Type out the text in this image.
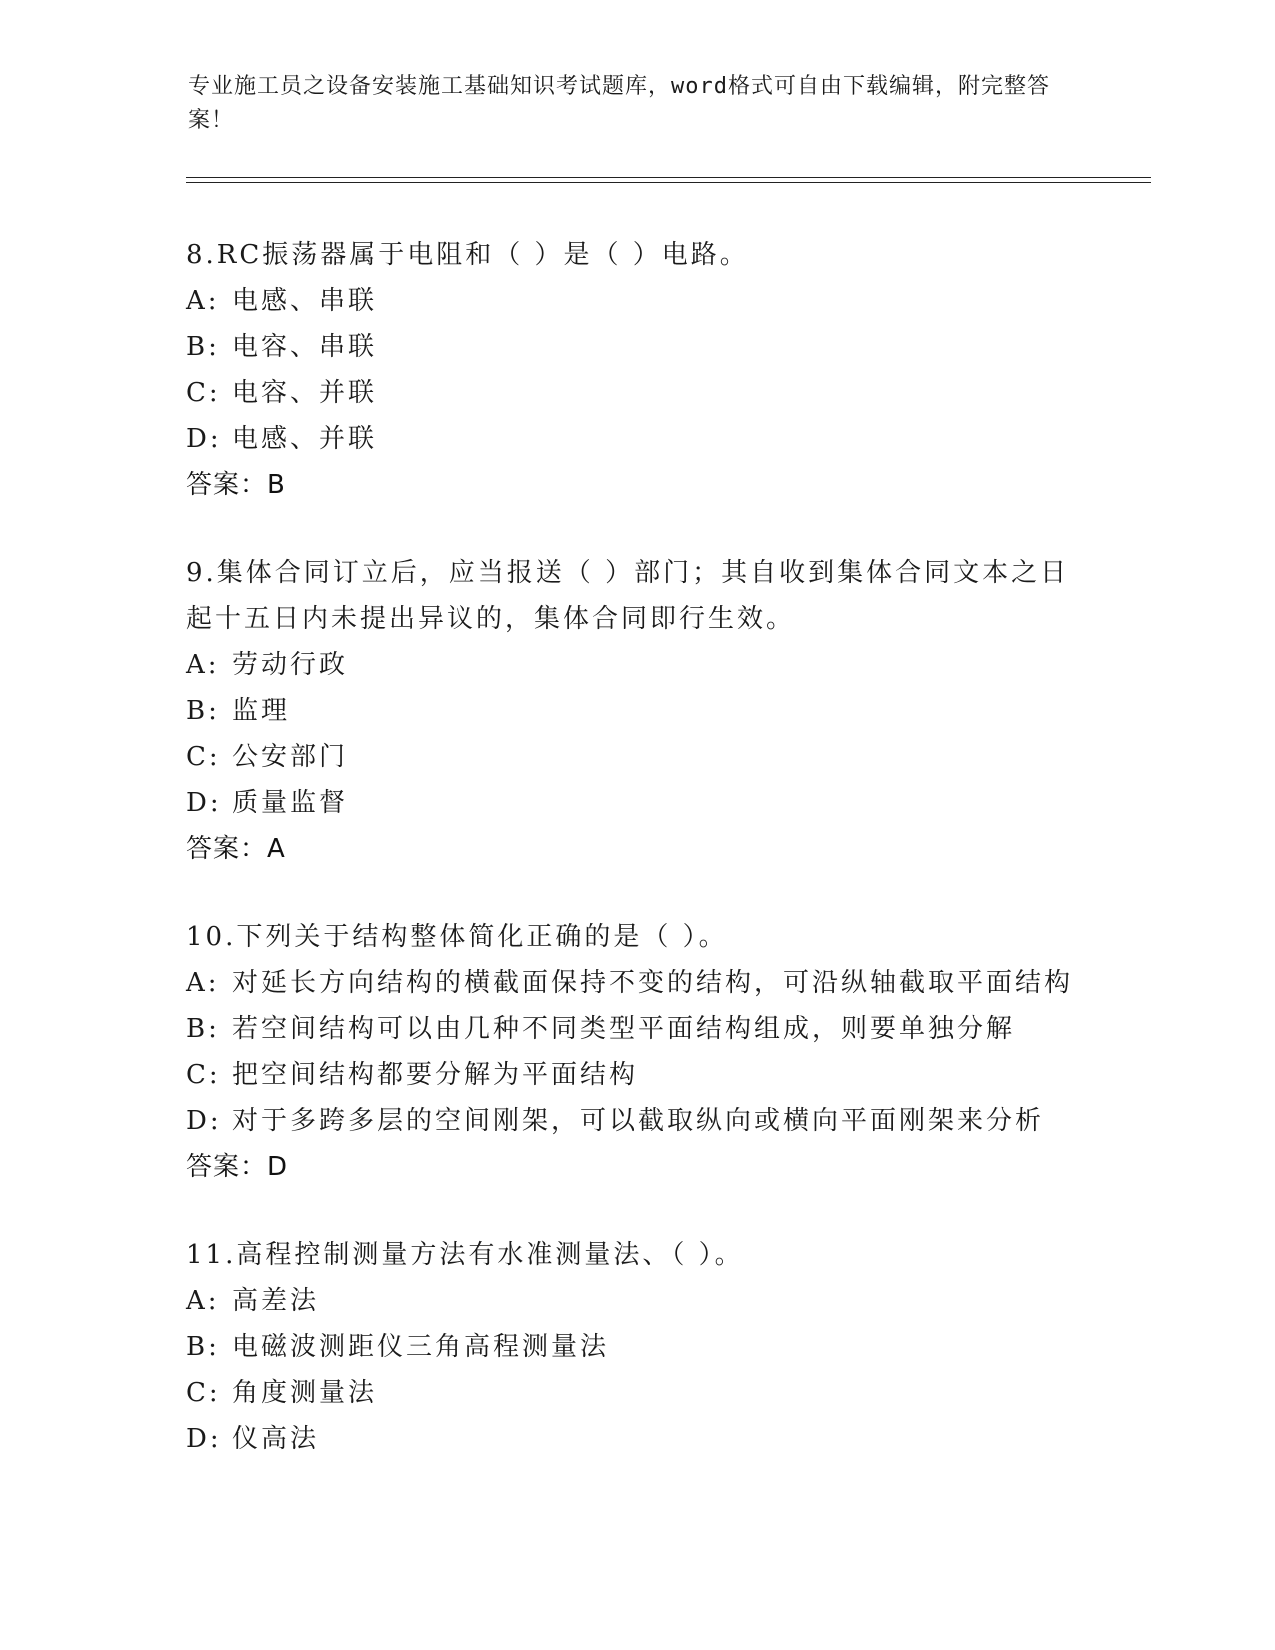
专业施工员之设备安装施工基础知识考试题库，word格式可自由下载编辑，附完整答案！
8.RC振荡器属于电阻和（ ）是（ ）电路。
A: 电感、串联
B: 电容、串联
C: 电容、并联
D: 电感、并联
答案：B
9.集体合同订立后，应当报送（ ）部门；其自收到集体合同文本之日起十五日内未提出异议的，集体合同即行生效。
A: 劳动行政
B: 监理
C: 公安部门
D: 质量监督
答案：A
10.下列关于结构整体简化正确的是（ ）。
A: 对延长方向结构的横截面保持不变的结构，可沿纵轴截取平面结构
B: 若空间结构可以由几种不同类型平面结构组成，则要单独分解
C: 把空间结构都要分解为平面结构
D: 对于多跨多层的空间刚架，可以截取纵向或横向平面刚架来分析
答案：D
11.高程控制测量方法有水准测量法、（ ）。
A: 高差法
B: 电磁波测距仪三角高程测量法
C: 角度测量法
D: 仪高法
